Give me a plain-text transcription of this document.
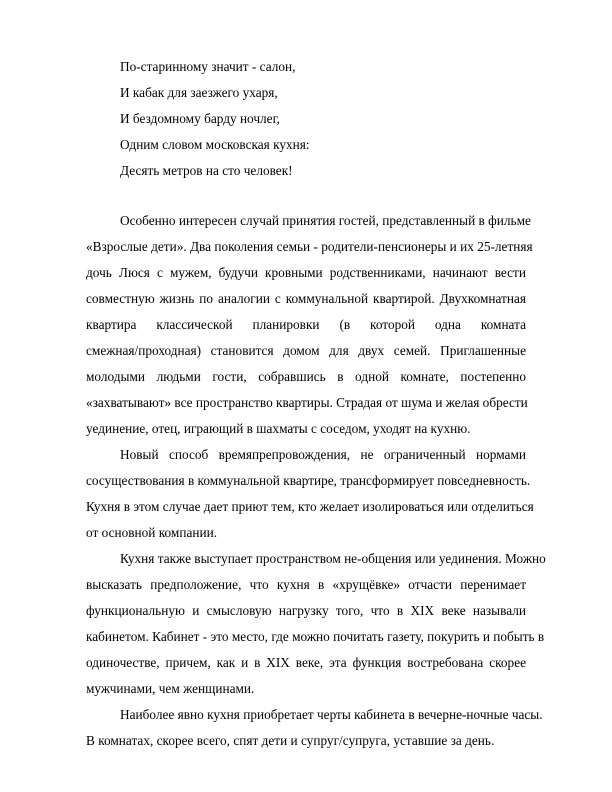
По-старинному значит - салон,
И кабак для заезжего ухаря,
И бездомному барду ночлег,
Одним словом московская кухня:
Десять метров на сто человек!
Особенно интересен случай принятия гостей, представленный в фильме
«Взрослые дети». Два поколения семьи - родители-пенсионеры и их 25-летняя
дочь Люся с мужем, будучи кровными родственниками, начинают вести
совместную жизнь по аналогии с коммунальной квартирой. Двухкомнатная
квартира классической планировки (в которой одна комната
смежная/проходная) становится домом для двух семей. Приглашенные
молодыми людьми гости, собравшись в одной комнате, постепенно
«захватывают» все пространство квартиры. Страдая от шума и желая обрести
уединение, отец, играющий в шахматы с соседом, уходят на кухню.
Новый способ времяпрепровождения, не ограниченный нормами
сосуществования в коммунальной квартире, трансформирует повседневность.
Кухня в этом случае дает приют тем, кто желает изолироваться или отделиться
от основной компании.
Кухня также выступает пространством не-общения или уединения. Можно
высказать предположение, что кухня в «хрущёвке» отчасти перенимает
функциональную и смысловую нагрузку того, что в XIX веке называли
кабинетом. Кабинет - это место, где можно почитать газету, покурить и побыть в
одиночестве, причем, как и в XIX веке, эта функция востребована скорее
мужчинами, чем женщинами.
Наиболее явно кухня приобретает черты кабинета в вечерне-ночные часы.
В комнатах, скорее всего, спят дети и супруг/супруга, уставшие за день.
